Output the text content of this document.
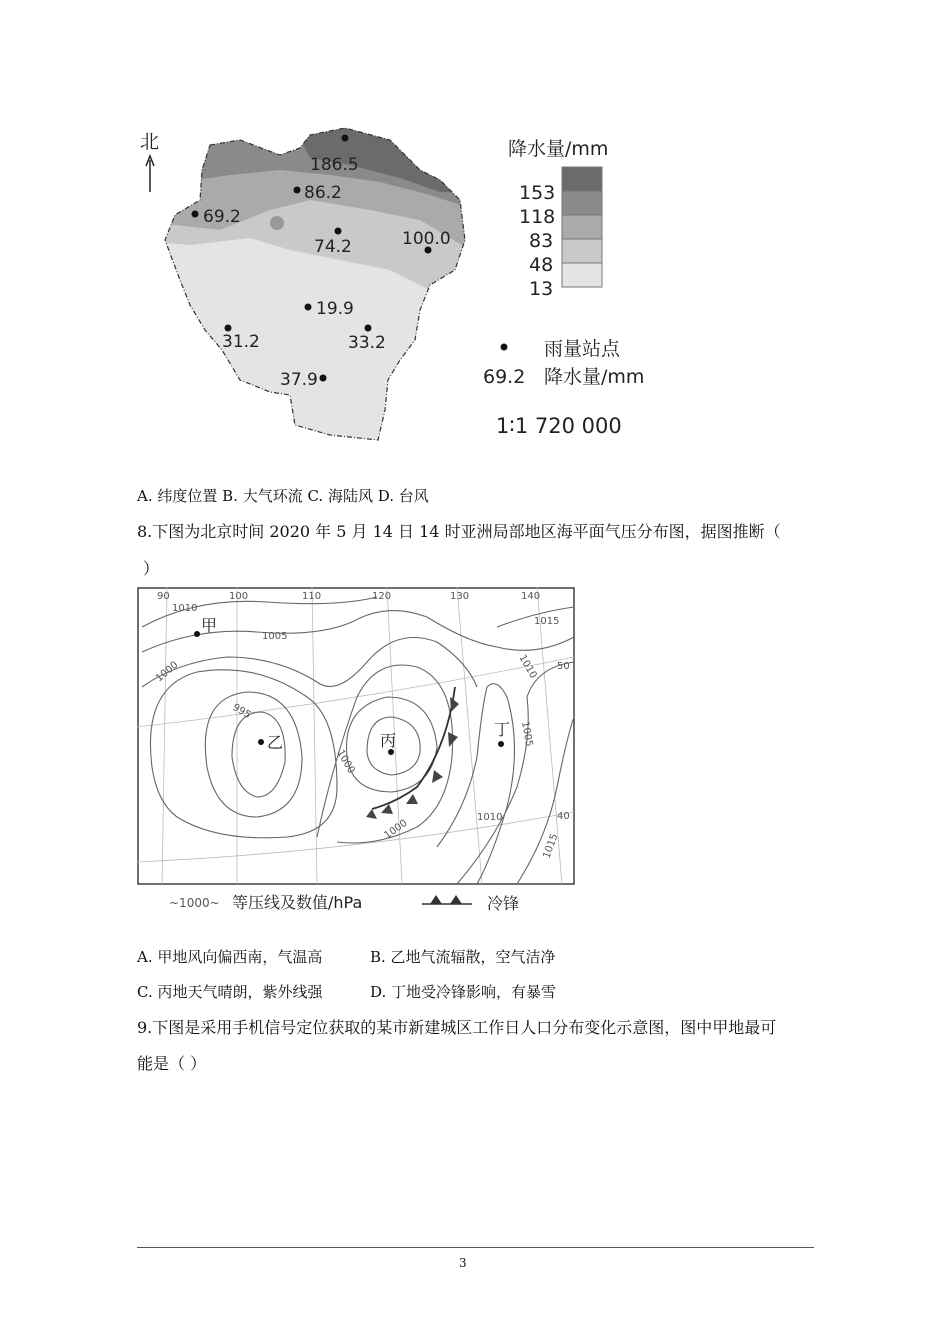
北
186.5
86.2
69.2
74.2	100.0
19.9
31.2	33.2
37.9
降水量/mm
153
118
83
48
13
雨量站点
69.2 降水量/mm
1∶1 720 000
A. 纬度位置 B. 大气环流 C. 海陆风 D. 台风
8.下图为北京时间 2020 年 5 月 14 日 14 时亚洲局部地区海平面气压分布图，据图推断（
）
90	100	110	120	130	140
50
40
1010
1005
1000
995
1000
1000
1010
1005
1015
1010
1015
甲
乙	丙
丁
~1000~ 等压线及数值/hPa	冷锋
A. 甲地风向偏西南，气温高	B. 乙地气流辐散，空气洁净
C. 丙地天气晴朗，紫外线强	D. 丁地受冷锋影响，有暴雪
9.下图是采用手机信号定位获取的某市新建城区工作日人口分布变化示意图，图中甲地最可
能是（ ）
3
